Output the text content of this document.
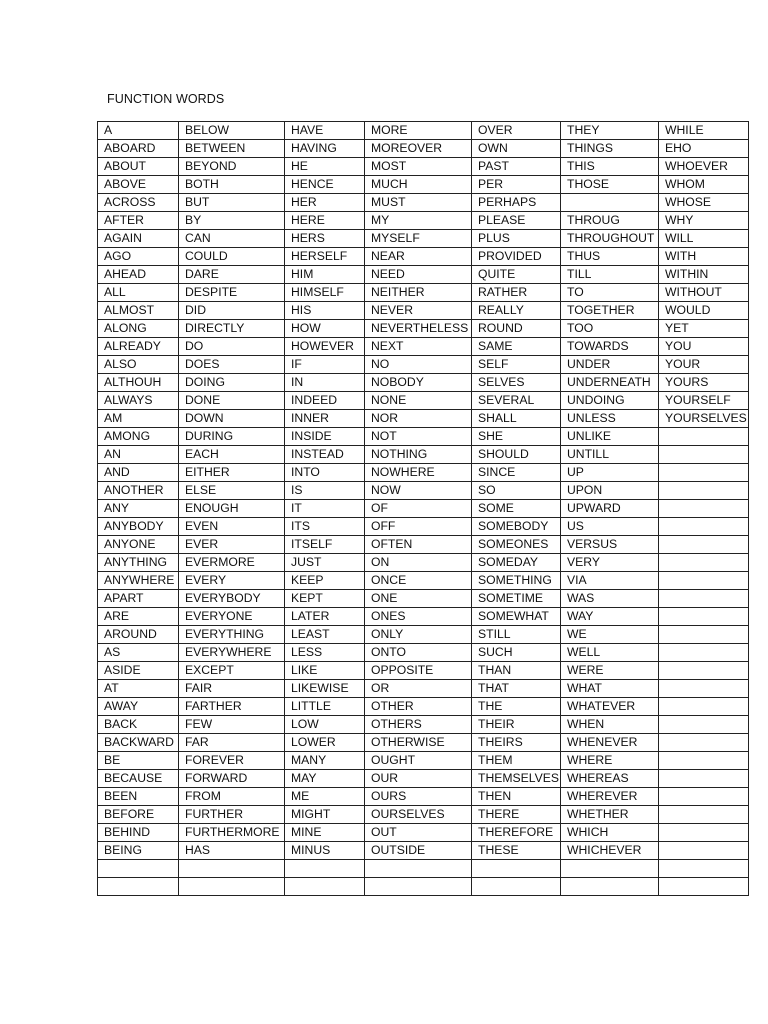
FUNCTION WORDS
A	BELOW	HAVE	MORE	OVER	THEY	WHILE
ABOARD	BETWEEN	HAVING	MOREOVER	OWN	THINGS	EHO
ABOUT	BEYOND	HE	MOST	PAST	THIS	WHOEVER
ABOVE	BOTH	HENCE	MUCH	PER	THOSE	WHOM
ACROSS	BUT	HER	MUST	PERHAPS		WHOSE
AFTER	BY	HERE	MY	PLEASE	THROUG	WHY
AGAIN	CAN	HERS	MYSELF	PLUS	THROUGHOUT	WILL
AGO	COULD	HERSELF	NEAR	PROVIDED	THUS	WITH
AHEAD	DARE	HIM	NEED	QUITE	TILL	WITHIN
ALL	DESPITE	HIMSELF	NEITHER	RATHER	TO	WITHOUT
ALMOST	DID	HIS	NEVER	REALLY	TOGETHER	WOULD
ALONG	DIRECTLY	HOW	NEVERTHELESS	ROUND	TOO	YET
ALREADY	DO	HOWEVER	NEXT	SAME	TOWARDS	YOU
ALSO	DOES	IF	NO	SELF	UNDER	YOUR
ALTHOUH	DOING	IN	NOBODY	SELVES	UNDERNEATH	YOURS
ALWAYS	DONE	INDEED	NONE	SEVERAL	UNDOING	YOURSELF
AM	DOWN	INNER	NOR	SHALL	UNLESS	YOURSELVES
AMONG	DURING	INSIDE	NOT	SHE	UNLIKE	
AN	EACH	INSTEAD	NOTHING	SHOULD	UNTILL	
AND	EITHER	INTO	NOWHERE	SINCE	UP	
ANOTHER	ELSE	IS	NOW	SO	UPON	
ANY	ENOUGH	IT	OF	SOME	UPWARD	
ANYBODY	EVEN	ITS	OFF	SOMEBODY	US	
ANYONE	EVER	ITSELF	OFTEN	SOMEONES	VERSUS	
ANYTHING	EVERMORE	JUST	ON	SOMEDAY	VERY	
ANYWHERE	EVERY	KEEP	ONCE	SOMETHING	VIA	
APART	EVERYBODY	KEPT	ONE	SOMETIME	WAS	
ARE	EVERYONE	LATER	ONES	SOMEWHAT	WAY	
AROUND	EVERYTHING	LEAST	ONLY	STILL	WE	
AS	EVERYWHERE	LESS	ONTO	SUCH	WELL	
ASIDE	EXCEPT	LIKE	OPPOSITE	THAN	WERE	
AT	FAIR	LIKEWISE	OR	THAT	WHAT	
AWAY	FARTHER	LITTLE	OTHER	THE	WHATEVER	
BACK	FEW	LOW	OTHERS	THEIR	WHEN	
BACKWARD	FAR	LOWER	OTHERWISE	THEIRS	WHENEVER	
BE	FOREVER	MANY	OUGHT	THEM	WHERE	
BECAUSE	FORWARD	MAY	OUR	THEMSELVES	WHEREAS	
BEEN	FROM	ME	OURS	THEN	WHEREVER	
BEFORE	FURTHER	MIGHT	OURSELVES	THERE	WHETHER	
BEHIND	FURTHERMORE	MINE	OUT	THEREFORE	WHICH	
BEING	HAS	MINUS	OUTSIDE	THESE	WHICHEVER	
